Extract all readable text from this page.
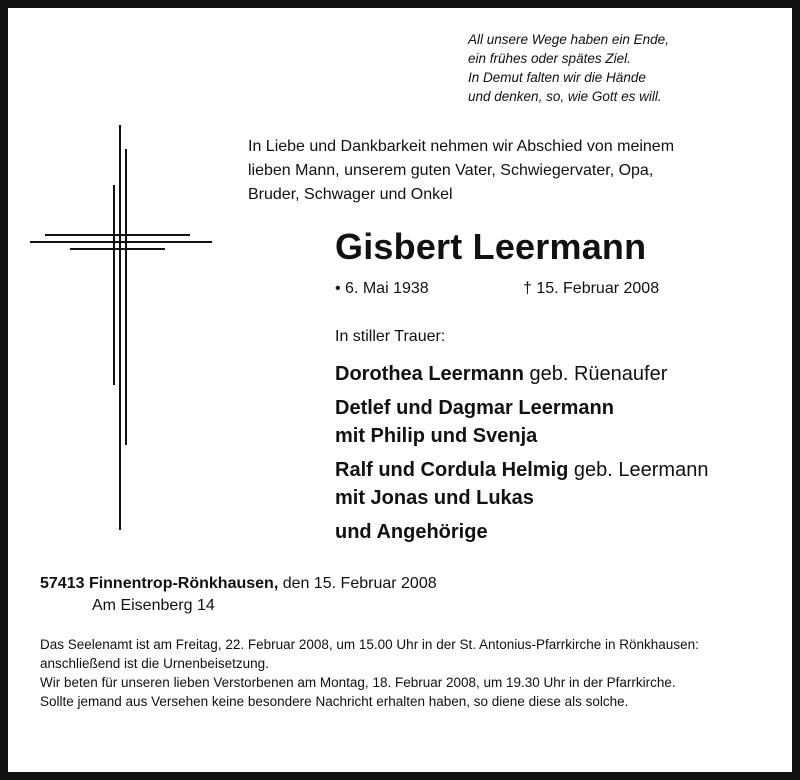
All unsere Wege haben ein Ende,
ein frühes oder spätes Ziel.
In Demut falten wir die Hände
und denken, so, wie Gott es will.
In Liebe und Dankbarkeit nehmen wir Abschied von meinem
lieben Mann, unserem guten Vater, Schwiegervater, Opa,
Bruder, Schwager und Onkel
Gisbert Leermann
• 6. Mai 1938	† 15. Februar 2008
In stiller Trauer:
Dorothea Leermann geb. Rüenaufer
Detlef und Dagmar Leermann
mit Philip und Svenja
Ralf und Cordula Helmig geb. Leermann
mit Jonas und Lukas
und Angehörige
57413 Finnentrop-Rönkhausen, den 15. Februar 2008
Am Eisenberg 14
Das Seelenamt ist am Freitag, 22. Februar 2008, um 15.00 Uhr in der St. Antonius-Pfarrkirche in Rönkhausen: anschließend ist die Urnenbeisetzung.
Wir beten für unseren lieben Verstorbenen am Montag, 18. Februar 2008, um 19.30 Uhr in der Pfarrkirche.
Sollte jemand aus Versehen keine besondere Nachricht erhalten haben, so diene diese als solche.
